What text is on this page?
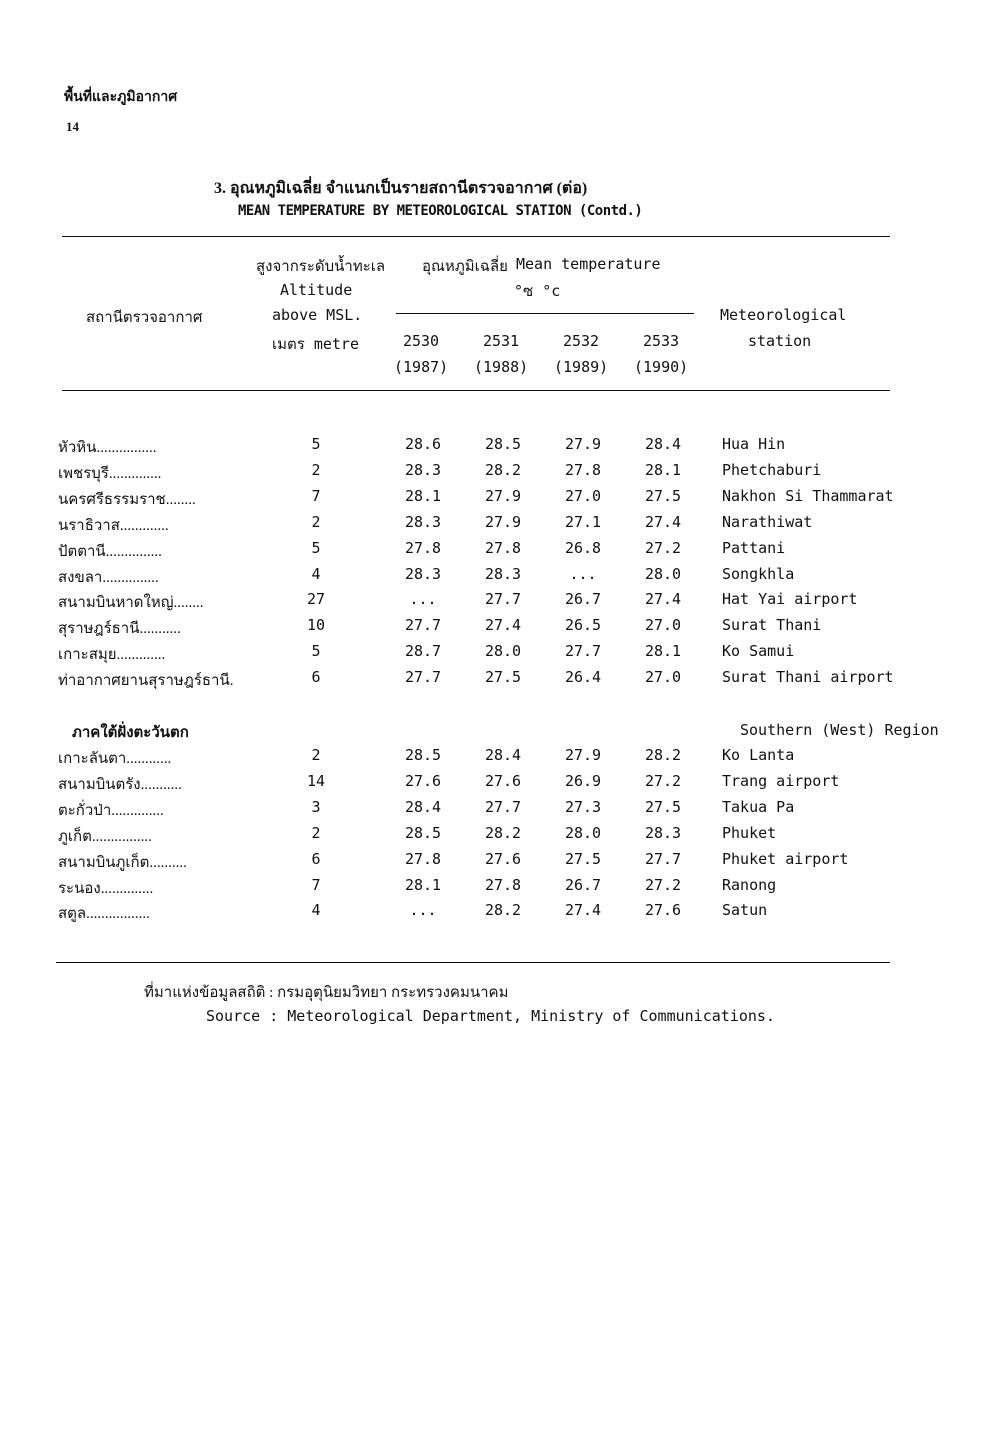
พื้นที่และภูมิอากาศ
14
3. อุณหภูมิเฉลี่ย จำแนกเป็นรายสถานีตรวจอากาศ (ต่อ)
MEAN TEMPERATURE BY METEOROLOGICAL STATION (Contd.)
สถานีตรวจอากาศ
สูงจากระดับน้ำทะเล
Altitude
above MSL.
เมตร metre
อุณหภูมิเฉลี่ย Mean temperature
°ซ °c
Meteorological
station
2530	2531	2532	2533
(1987) (1988) (1989) (1990)
หัวหิน................	5	28.6	28.5	27.9	28.4	Hua Hin
เพชรบุรี..............	2	28.3	28.2	27.8	28.1	Phetchaburi
นครศรีธรรมราช........	7	28.1	27.9	27.0	27.5	Nakhon Si Thammarat
นราธิวาส.............	2	28.3	27.9	27.1	27.4	Narathiwat
ปัตตานี...............	5	27.8	27.8	26.8	27.2	Pattani
สงขลา...............	4	28.3	28.3	...	28.0	Songkhla
สนามบินหาดใหญ่........	27	...	27.7	26.7	27.4	Hat Yai airport
สุราษฎร์ธานี...........	10	27.7	27.4	26.5	27.0	Surat Thani
เกาะสมุย.............	5	28.7	28.0	27.7	28.1	Ko Samui
ท่าอากาศยานสุราษฎร์ธานี.	6	27.7	27.5	26.4	27.0	Surat Thani airport
ภาคใต้ฝั่งตะวันตก	Southern (West) Region
เกาะลันตา............	2	28.5	28.4	27.9	28.2	Ko Lanta
สนามบินตรัง...........	14	27.6	27.6	26.9	27.2	Trang airport
ตะกั่วป่า..............	3	28.4	27.7	27.3	27.5	Takua Pa
ภูเก็ต................	2	28.5	28.2	28.0	28.3	Phuket
สนามบินภูเก็ต..........	6	27.8	27.6	27.5	27.7	Phuket airport
ระนอง..............	7	28.1	27.8	26.7	27.2	Ranong
สตูล.................	4	...	28.2	27.4	27.6	Satun
ที่มาแห่งข้อมูลสถิติ : กรมอุตุนิยมวิทยา กระทรวงคมนาคม
Source : Meteorological Department, Ministry of Communications.
